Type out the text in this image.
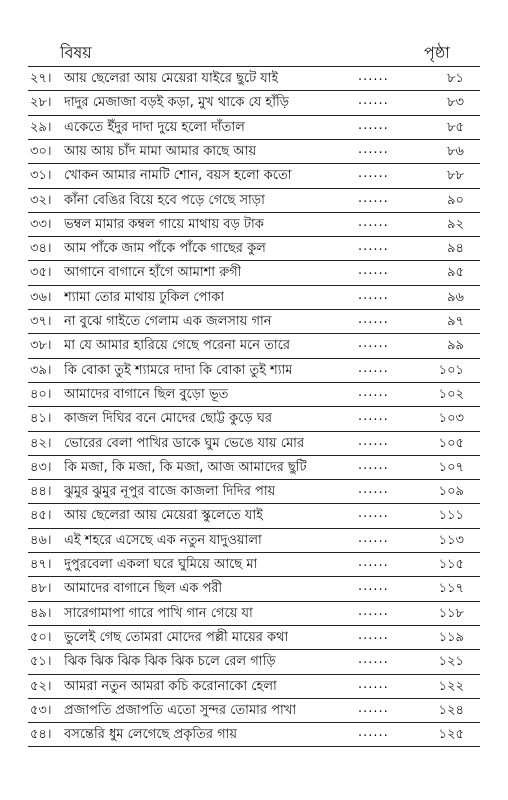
বিষয়	পৃষ্ঠা
২৭। আয় ছেলেরা আয় মেয়েরা যাইরে ছুটে যাই	......	৮১
২৮। দাদুর মেজাজা বড়ই কড়া, মুখ থাকে যে হাঁড়ি	......	৮৩
২৯। একেতে ইঁদুর দাদা দুয়ে হলো দাঁতাল	......	৮৫
৩০। আয় আয় চাঁদ মামা আমার কাছে আয়	......	৮৬
৩১। খোকন আমার নামটি শোন, বয়স হলো কতো	......	৮৮
৩২। কাঁনা বেঙির বিয়ে হবে পড়ে গেছে সাড়া	......	৯০
৩৩। ভম্বল মামার কম্বল গায়ে মাথায় বড় টাক	......	৯২
৩৪। আম পাঁকে জাম পাঁকে পাঁকে গাছের কুল	......	৯৪
৩৫। আগানে বাগানে হাঁগে আমাশা রুগী	......	৯৫
৩৬। শ্যামা তোর মাথায় ঢুকিল পোকা	......	৯৬
৩৭। না বুঝে গাইতে গেলাম এক জলসায় গান	......	৯৭
৩৮। মা যে আমার হারিয়ে গেছে পরেনা মনে তারে	......	৯৯
৩৯। কি বোকা তুই শ্যামরে দাদা কি বোকা তুই শ্যাম	......	১০১
৪০। আমাদের বাগানে ছিল বুড়ো ভূত	......	১০২
৪১। কাজল দিঘির বনে মোদের ছোট্ট কুড়ে ঘর	......	১০৩
৪২। ভোরের বেলা পাখির ডাকে ঘুম ভেঙে যায় মোর	......	১০৫
৪৩। কি মজা, কি মজা, কি মজা, আজ আমাদের ছুটি	......	১০৭
৪৪। ঝুমুর ঝুমুর নূপুর বাজে কাজলা দিদির পায়	......	১০৯
৪৫। আয় ছেলেরা আয় মেয়েরা স্কুলেতে যাই	......	১১১
৪৬। এই শহরে এসেছে এক নতুন যাদুওয়ালা	......	১১৩
৪৭। দুপুরবেলা একলা ঘরে ঘুমিয়ে আছে মা	......	১১৫
৪৮। আমাদের বাগানে ছিল এক পরী	......	১১৭
৪৯। সারেগামাপা গারে পাখি গান গেয়ে যা	......	১১৮
৫০। ভুলেই গেছ তোমরা মোদের পল্লী মায়ের কথা	......	১১৯
৫১। ঝিক ঝিক ঝিক ঝিক ঝিক চলে রেল গাড়ি	......	১২১
৫২। আমরা নতুন আমরা কচি করোনাকো হেলা	......	১২২
৫৩। প্রজাপতি প্রজাপতি এতো সুন্দর তোমার পাখা	......	১২৪
৫৪। বসন্তেরি ধুম লেগেছে প্রকৃতির গায়	......	১২৫
